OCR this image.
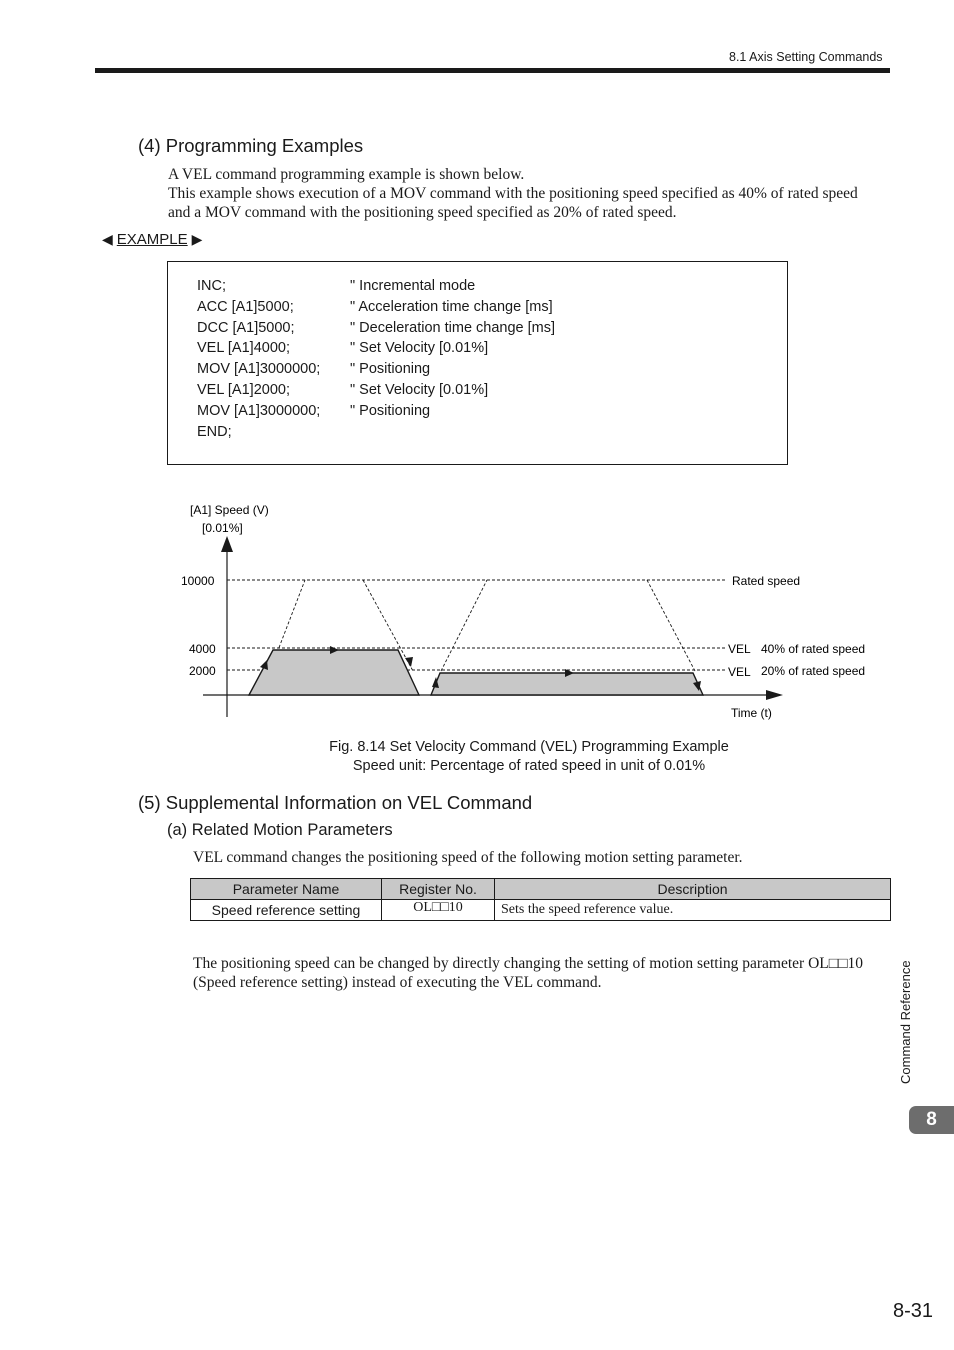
8.1 Axis Setting Commands
(4) Programming Examples
A VEL command programming example is shown below.
This example shows execution of a MOV command with the positioning speed specified as 40% of rated speed
and a MOV command with the positioning speed specified as 20% of rated speed.
◀ EXAMPLE ▶
INC;	" Incremental mode
ACC [A1]5000;	" Acceleration time change [ms]
DCC [A1]5000;	" Deceleration time change [ms]
VEL [A1]4000;	" Set Velocity [0.01%]
MOV [A1]3000000; " Positioning
VEL [A1]2000;	" Set Velocity [0.01%]
MOV [A1]3000000; " Positioning
END;
[A1] Speed (V)
[0.01%]
10000
4000
2000
Rated speed
VEL 40% of rated speed
VEL 20% of rated speed
Time (t)
Fig. 8.14 Set Velocity Command (VEL) Programming Example
Speed unit: Percentage of rated speed in unit of 0.01%
(5) Supplemental Information on VEL Command
(a) Related Motion Parameters
VEL command changes the positioning speed of the following motion setting parameter.
Parameter Name	Register No.	Description
Speed reference setting	OL□□10	Sets the speed reference value.
The positioning speed can be changed by directly changing the setting of motion setting parameter OL□□10
(Speed reference setting) instead of executing the VEL command.	Command Reference
8
8-31
